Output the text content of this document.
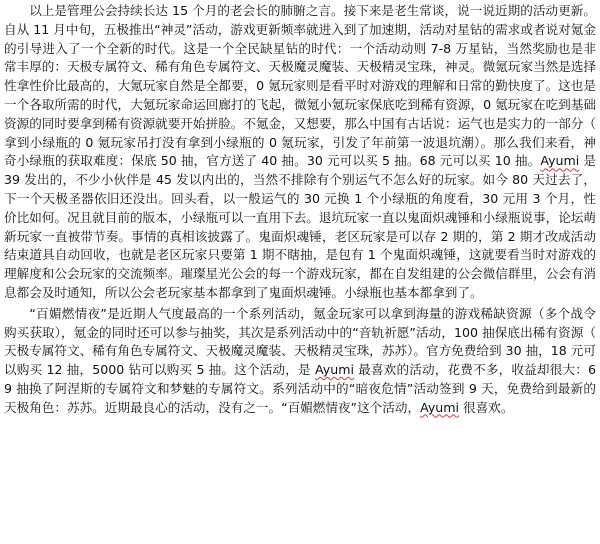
以上是管理公会持续长达 15 个月的老会长的肺腑之言。接下来是老生常谈，说一说近期的活动更新。自从 11 月中旬，五极推出“神灵”活动，游戏更新频率就进入到了加速期，活动对星钻的需求或者说对氪金的引导进入了一个全新的时代。这是一个全民缺星钻的时代：一个活动动则 7-8 万星钻，当然奖励也是非常丰厚的：天极专属符文、稀有角色专属符文、天极魔灵魔装、天极精灵宝珠，神灵。微氪玩家当然是选择性拿性价比最高的，大氪玩家自然是全都要，0 氪玩家则是看平时对游戏的理解和日常的勤快度了。这也是一个各取所需的时代，大氪玩家命运回廊打的飞起，微氪小氪玩家保底吃到稀有资源，0 氪玩家在吃到基础资源的同时要拿到稀有资源就要开始拼脸。不氪金，又想要，那么中国有古话说：运气也是实力的一部分（拿到小绿瓶的 0 氪玩家吊打没有拿到小绿瓶的 0 氪玩家，引发了年前第一波退坑潮）。那么我们来看，神奇小绿瓶的获取难度：保底 50 抽，官方送了 40 抽。30 元可以买 5 抽。68 元可以买 10 抽。Ayumi 是 39 发出的，不少小伙伴是 45 发以内出的，当然不排除有个别运气不怎么好的玩家。如今 80 天过去了，下一个天极圣器依旧还没出。回头看，以一般运气的 30 元换 1 个小绿瓶的角度看，30 元用 3 个月，性价比如何。况且就目前的版本，小绿瓶可以一直用下去。退坑玩家一直以鬼面炽魂锤和小绿瓶说事，论坛萌新玩家一直被带节奏。事情的真相该披露了。鬼面炽魂锤，老区玩家是可以存 2 期的，第 2 期才改成活动结束道具自动回收，也就是老区玩家只要第 1 期不瞎抽，是包有 1 个鬼面炽魂锤，这就要看当时对游戏的理解度和公会玩家的交流频率。璀璨星光公会的每一个游戏玩家，都在自发组建的公会微信群里，公会有消息都会及时通知，所以公会老玩家基本都拿到了鬼面炽魂锤。小绿瓶也基本都拿到了。

“百媚燃情夜”是近期人气度最高的一个系列活动，氪金玩家可以拿到海量的游戏稀缺资源（多个战令购买获取），氪金的同时还可以参与抽奖，其次是系列活动中的“音轨祈愿”活动，100 抽保底出稀有资源（天极专属符文、稀有角色专属符文、天极魔灵魔装、天极精灵宝珠，苏苏）。官方免费给到 30 抽，18 元可以购买 12 抽，5000 钻可以购买 5 抽。这个活动，是 Ayumi 最喜欢的活动，花费不多，收益却很大：69 抽换了阿涅斯的专属符文和梦魅的专属符文。系列活动中的“暗夜危情”活动签到 9 天，免费给到最新的天极角色：苏苏。近期最良心的活动，没有之一。“百媚燃情夜”这个活动，Ayumi 很喜欢。
